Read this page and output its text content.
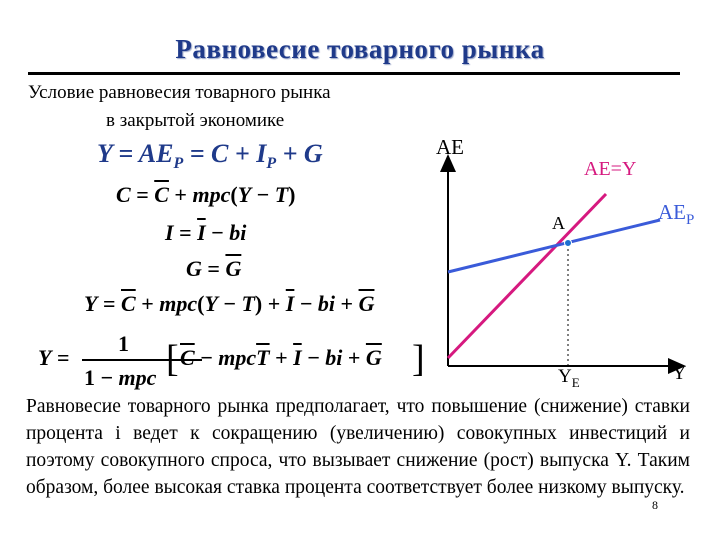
Равновесие товарного рынка
Условие равновесия товарного рынка
в закрытой экономике
$Y = AE_P = C + I_P + G$
$C = \overline{C} + mpc(Y - T)$
$I = \overline{I}$ − bi
$G = \overline{G}$
$Y = \overline{C} + mpc(Y - T) + \overline{I}$ − bi + $\overline{G}$
Y =
1
1 − mpc [ $\overline{C} - mpc\overline{T} + \overline{I}$ − bi + $\overline{G}$ ]
AE
AE=Y
$AE_P$
A
$Y_E$	Y
Равновесие товарного рынка предполагает, что повышение (снижение) ставки процента i ведет к сокращению (увеличению) совокупных инвестиций и поэтому совокупного спроса, что вызывает снижение (рост) выпуска Y. Таким образом, более высокая ставка процента соответствует более низкому выпуску.
8
